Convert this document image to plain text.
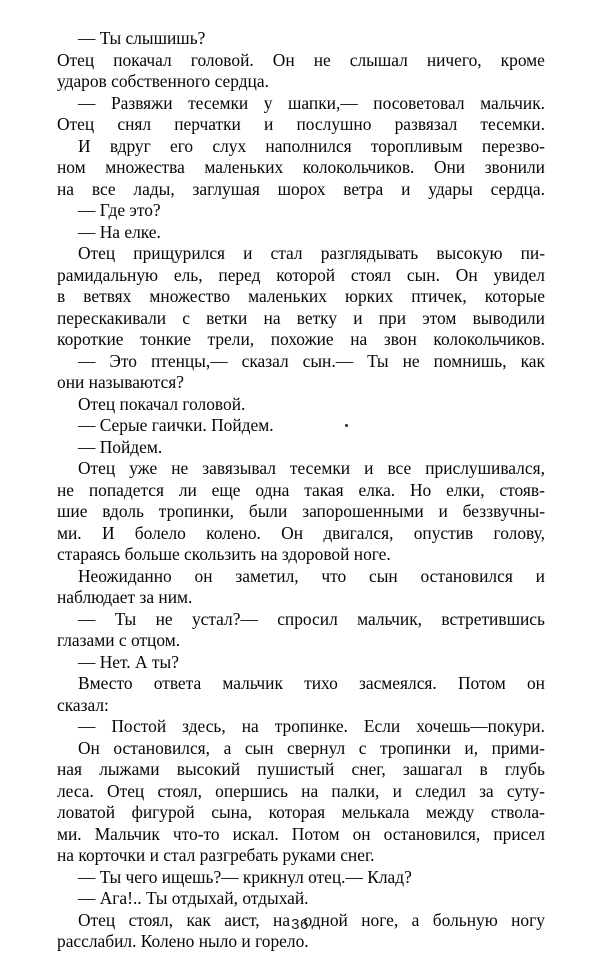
— Ты слышишь?
Отец покачал головой. Он не слышал ничего, кроме
ударов собственного сердца.
— Развяжи тесемки у шапки,— посоветовал мальчик.
Отец снял перчатки и послушно развязал тесемки.
И вдруг его слух наполнился торопливым перезво-
ном множества маленьких колокольчиков. Они звонили
на все лады, заглушая шорох ветра и удары сердца.
— Где это?
— На елке.
Отец прищурился и стал разглядывать высокую пи-
рамидальную ель, перед которой стоял сын. Он увидел
в ветвях множество маленьких юрких птичек, которые
перескакивали с ветки на ветку и при этом выводили
короткие тонкие трели, похожие на звон колокольчиков.
— Это птенцы,— сказал сын.— Ты не помнишь, как
они называются?
Отец покачал головой.
— Серые гаички. Пойдем.
— Пойдем.
Отец уже не завязывал тесемки и все прислушивался,
не попадется ли еще одна такая елка. Но елки, стояв-
шие вдоль тропинки, были запорошенными и беззвучны-
ми. И болело колено. Он двигался, опустив голову,
стараясь больше скользить на здоровой ноге.
Неожиданно он заметил, что сын остановился и
наблюдает за ним.
— Ты не устал?— спросил мальчик, встретившись
глазами с отцом.
— Нет. А ты?
Вместо ответа мальчик тихо засмеялся. Потом он
сказал:
— Постой здесь, на тропинке. Если хочешь—покури.
Он остановился, а сын свернул с тропинки и, прими-
ная лыжами высокий пушистый снег, зашагал в глубь
леса. Отец стоял, опершись на палки, и следил за суту-
ловатой фигурой сына, которая мелькала между ствола-
ми. Мальчик что-то искал. Потом он остановился, присел
на корточки и стал разгребать руками снег.
— Ты чего ищешь?— крикнул отец.— Клад?
— Ага!.. Ты отдыхай, отдыхай.
Отец стоял, как аист, на одной ноге, а больную ногу
расслабил. Колено ныло и горело.
36
